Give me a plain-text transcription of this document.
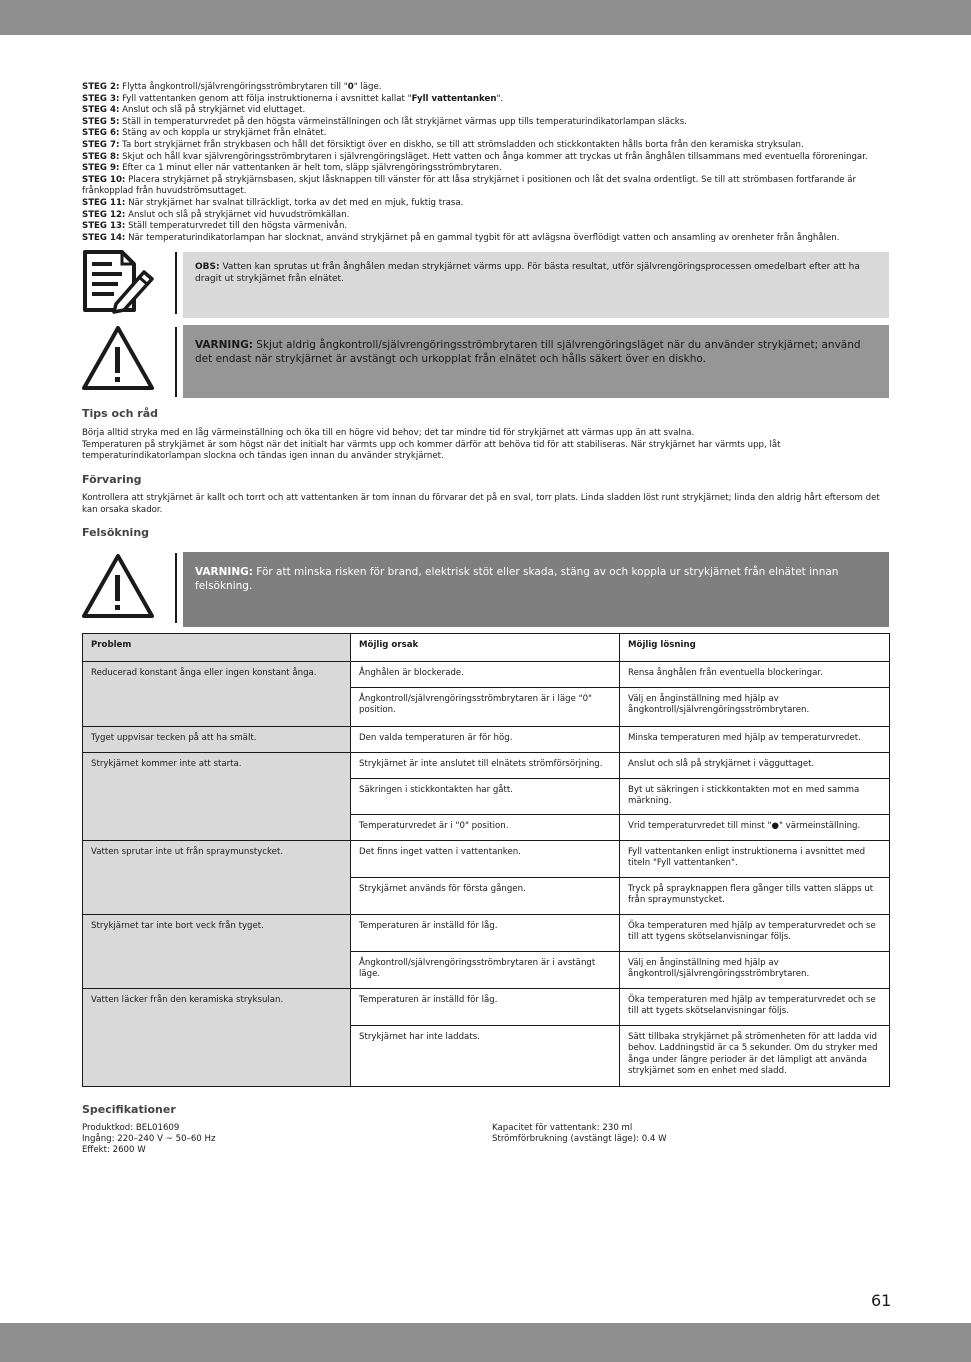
STEG 2: Flytta ångkontroll/självrengöringsströmbrytaren till "0" läge.

STEG 3: Fyll vattentanken genom att följa instruktionerna i avsnittet kallat "Fyll vattentanken".

STEG 4: Anslut och slå på strykjärnet vid eluttaget.

STEG 5: Ställ in temperaturvredet på den högsta värmeinställningen och låt strykjärnet värmas upp tills temperaturindikatorlampan släcks.

STEG 6: Stäng av och koppla ur strykjärnet från elnätet.

STEG 7: Ta bort strykjärnet från strykbasen och håll det försiktigt över en diskho, se till att strömsladden och stickkontakten hålls borta från den keramiska stryksulan.

STEG 8: Skjut och håll kvar självrengöringsströmbrytaren i självrengöringsläget. Hett vatten och ånga kommer att tryckas ut från ånghålen tillsammans med eventuella föroreningar.

STEG 9: Efter ca 1 minut eller när vattentanken är helt tom, släpp självrengöringsströmbrytaren.

STEG 10: Placera strykjärnet på strykjärnsbasen, skjut låsknappen till vänster för att låsa strykjärnet i positionen och låt det svalna ordentligt. Se till att strömbasen fortfarande är frånkopplad från huvudströmsuttaget.

STEG 11: När strykjärnet har svalnat tillräckligt, torka av det med en mjuk, fuktig trasa.

STEG 12: Anslut och slå på strykjärnet vid huvudströmkällan.

STEG 13: Ställ temperaturvredet till den högsta värmenivån.

STEG 14: När temperaturindikatorlampan har slocknat, använd strykjärnet på en gammal tygbit för att avlägsna överflödigt vatten och ansamling av orenheter från ånghålen.

OBS: Vatten kan sprutas ut från ånghålen medan strykjärnet värms upp. För bästa resultat, utför självrengöringsprocessen omedelbart efter att ha dragit ut strykjärnet från elnätet.
VARNING: Skjut aldrig ångkontroll/självrengöringsströmbrytaren till självrengöringsläget när du använder strykjärnet; använd det endast när strykjärnet är avstängt och urkopplat från elnätet och hålls säkert över en diskho.
Tips och råd

Börja alltid stryka med en låg värmeinställning och öka till en högre vid behov; det tar mindre tid för strykjärnet att värmas upp än att svalna.

Temperaturen på strykjärnet är som högst när det initialt har värmts upp och kommer därför att behöva tid för att stabiliseras. När strykjärnet har värmts upp, låt temperaturindikatorlampan slockna och tändas igen innan du använder strykjärnet.

Förvaring

Kontrollera att strykjärnet är kallt och torrt och att vattentanken är tom innan du förvarar det på en sval, torr plats. Linda sladden löst runt strykjärnet; linda den aldrig hårt eftersom det kan orsaka skador.

Felsökning
VARNING: För att minska risken för brand, elektrisk stöt eller skada, stäng av och koppla ur strykjärnet från elnätet innan felsökning.
Problem	Möjlig orsak	Möjlig lösning
Reducerad konstant ånga eller ingen konstant ånga.	Ånghålen är blockerade.	Rensa ånghålen från eventuella blockeringar.
	Ångkontroll/självrengöringsströmbrytaren är i läge "0" position.	Välj en ånginställning med hjälp av ångkontroll/självrengöringsströmbrytaren.
Tyget uppvisar tecken på att ha smält.	Den valda temperaturen är för hög.	Minska temperaturen med hjälp av temperaturvredet.
Strykjärnet kommer inte att starta.	Strykjärnet är inte anslutet till elnätets strömförsörjning.	Anslut och slå på strykjärnet i vägguttaget.
	Säkringen i stickkontakten har gått.	Byt ut säkringen i stickkontakten mot en med samma märkning.
	Temperaturvredet är i "0" position.	Vrid temperaturvredet till minst "●" värmeinställning.
Vatten sprutar inte ut från spraymunstycket.	Det finns inget vatten i vattentanken.	Fyll vattentanken enligt instruktionerna i avsnittet med titeln "Fyll vattentanken".
	Strykjärnet används för första gången.	Tryck på sprayknappen flera gånger tills vatten släpps ut från spraymunstycket.
Strykjärnet tar inte bort veck från tyget.	Temperaturen är inställd för låg.	Öka temperaturen med hjälp av temperaturvredet och se till att tygens skötselanvisningar följs.
	Ångkontroll/självrengöringsströmbrytaren är i avstängt läge.	Välj en ånginställning med hjälp av ångkontroll/självrengöringsströmbrytaren.
Vatten läcker från den keramiska stryksulan.	Temperaturen är inställd för låg.	Öka temperaturen med hjälp av temperaturvredet och se till att tygets skötselanvisningar följs.
	Strykjärnet har inte laddats.	Sätt tillbaka strykjärnet på strömenheten för att ladda vid behov. Laddningstid är ca 5 sekunder. Om du stryker med ånga under längre perioder är det lämpligt att använda strykjärnet som en enhet med sladd.
Specifikationer

Produktkod: BEL01609

Ingång: 220–240 V ~ 50–60 Hz

Effekt: 2600 W

Kapacitet för vattentank: 230 ml

Strömförbrukning (avstängt läge): 0.4 W

61
